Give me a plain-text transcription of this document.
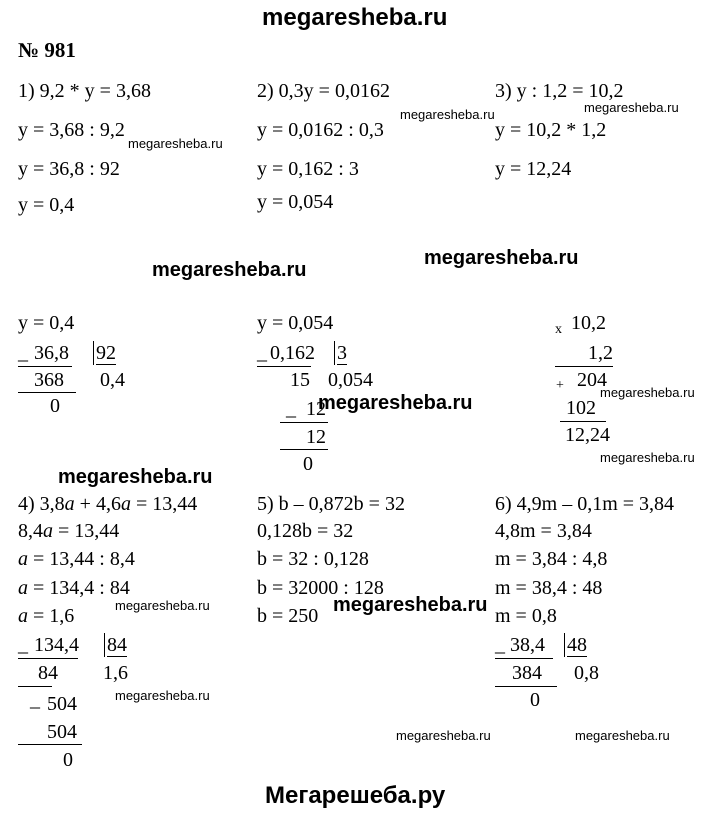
megaresheba.ru
№ 981
1) 9,2 * y = 3,68
y = 3,68 : 9,2
y = 36,8 : 92
y = 0,4
2) 0,3y = 0,0162
y = 0,0162 : 0,3
y = 0,162 : 3
y = 0,054
3) y : 1,2 = 10,2
y = 10,2 * 1,2
y = 12,24
megaresheba.ru	megaresheba.ru
megaresheba.ru
megaresheba.ru
megaresheba.ru
y = 0,4
_ 36,8 92
368 0,4
0
y = 0,054
_ 0,162 3
15 0,054
_ 12
12
0
x 10,2
1,2
+ 204
102
12,24
megaresheba.ru	megaresheba.ru
megaresheba.ru
megaresheba.ru
4) 3,8a + 4,6a = 13,44
8,4a = 13,44
a = 13,44 : 8,4
a = 134,4 : 84
a = 1,6	megaresheba.ru
_ 134,4 84
84 1,6
_ 504	megaresheba.ru
504
0
5) b – 0,872b = 32
0,128b = 32
b = 32 : 0,128
b = 32000 : 128
b = 250 megaresheba.ru
6) 4,9m – 0,1m = 3,84
4,8m = 3,84
m = 3,84 : 4,8
m = 38,4 : 48
m = 0,8
_ 38,4 48
384 0,8
0
megaresheba.ru	megaresheba.ru
Мегарешеба.ру
